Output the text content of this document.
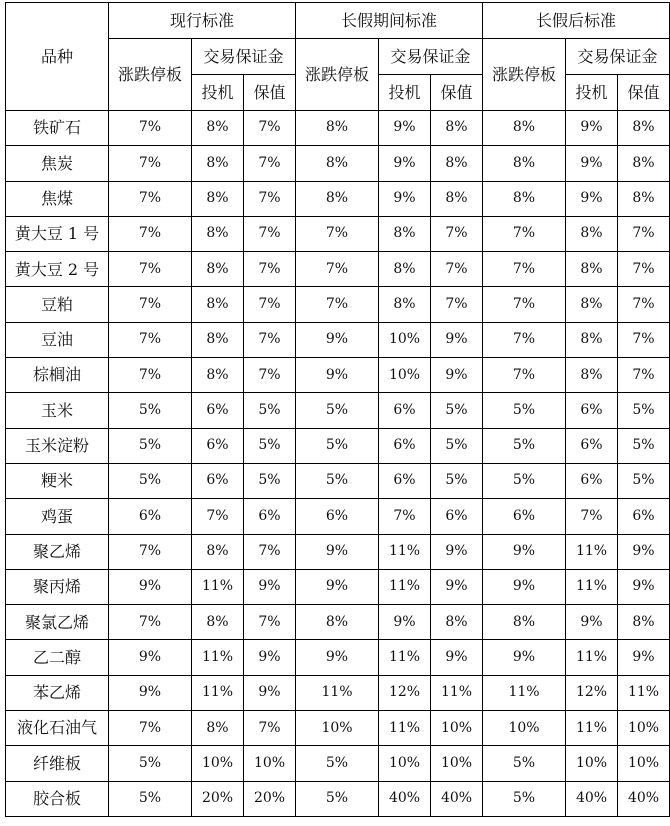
品种	现行标准			长假期间标准			长假后标准		
	涨跌停板	交易保证金		涨跌停板	交易保证金		涨跌停板	交易保证金	
		投机	保值		投机	保值		投机	保值
铁矿石	7%	8%	7%	8%	9%	8%	8%	9%	8%
焦炭	7%	8%	7%	8%	9%	8%	8%	9%	8%
焦煤	7%	8%	7%	8%	9%	8%	8%	9%	8%
黄大豆 1 号	7%	8%	7%	7%	8%	7%	7%	8%	7%
黄大豆 2 号	7%	8%	7%	7%	8%	7%	7%	8%	7%
豆粕	7%	8%	7%	7%	8%	7%	7%	8%	7%
豆油	7%	8%	7%	9%	10%	9%	7%	8%	7%
棕榈油	7%	8%	7%	9%	10%	9%	7%	8%	7%
玉米	5%	6%	5%	5%	6%	5%	5%	6%	5%
玉米淀粉	5%	6%	5%	5%	6%	5%	5%	6%	5%
粳米	5%	6%	5%	5%	6%	5%	5%	6%	5%
鸡蛋	6%	7%	6%	6%	7%	6%	6%	7%	6%
聚乙烯	7%	8%	7%	9%	11%	9%	9%	11%	9%
聚丙烯	9%	11%	9%	9%	11%	9%	9%	11%	9%
聚氯乙烯	7%	8%	7%	8%	9%	8%	8%	9%	8%
乙二醇	9%	11%	9%	9%	11%	9%	9%	11%	9%
苯乙烯	9%	11%	9%	11%	12%	11%	11%	12%	11%
液化石油气	7%	8%	7%	10%	11%	10%	10%	11%	10%
纤维板	5%	10%	10%	5%	10%	10%	5%	10%	10%
胶合板	5%	20%	20%	5%	40%	40%	5%	40%	40%
